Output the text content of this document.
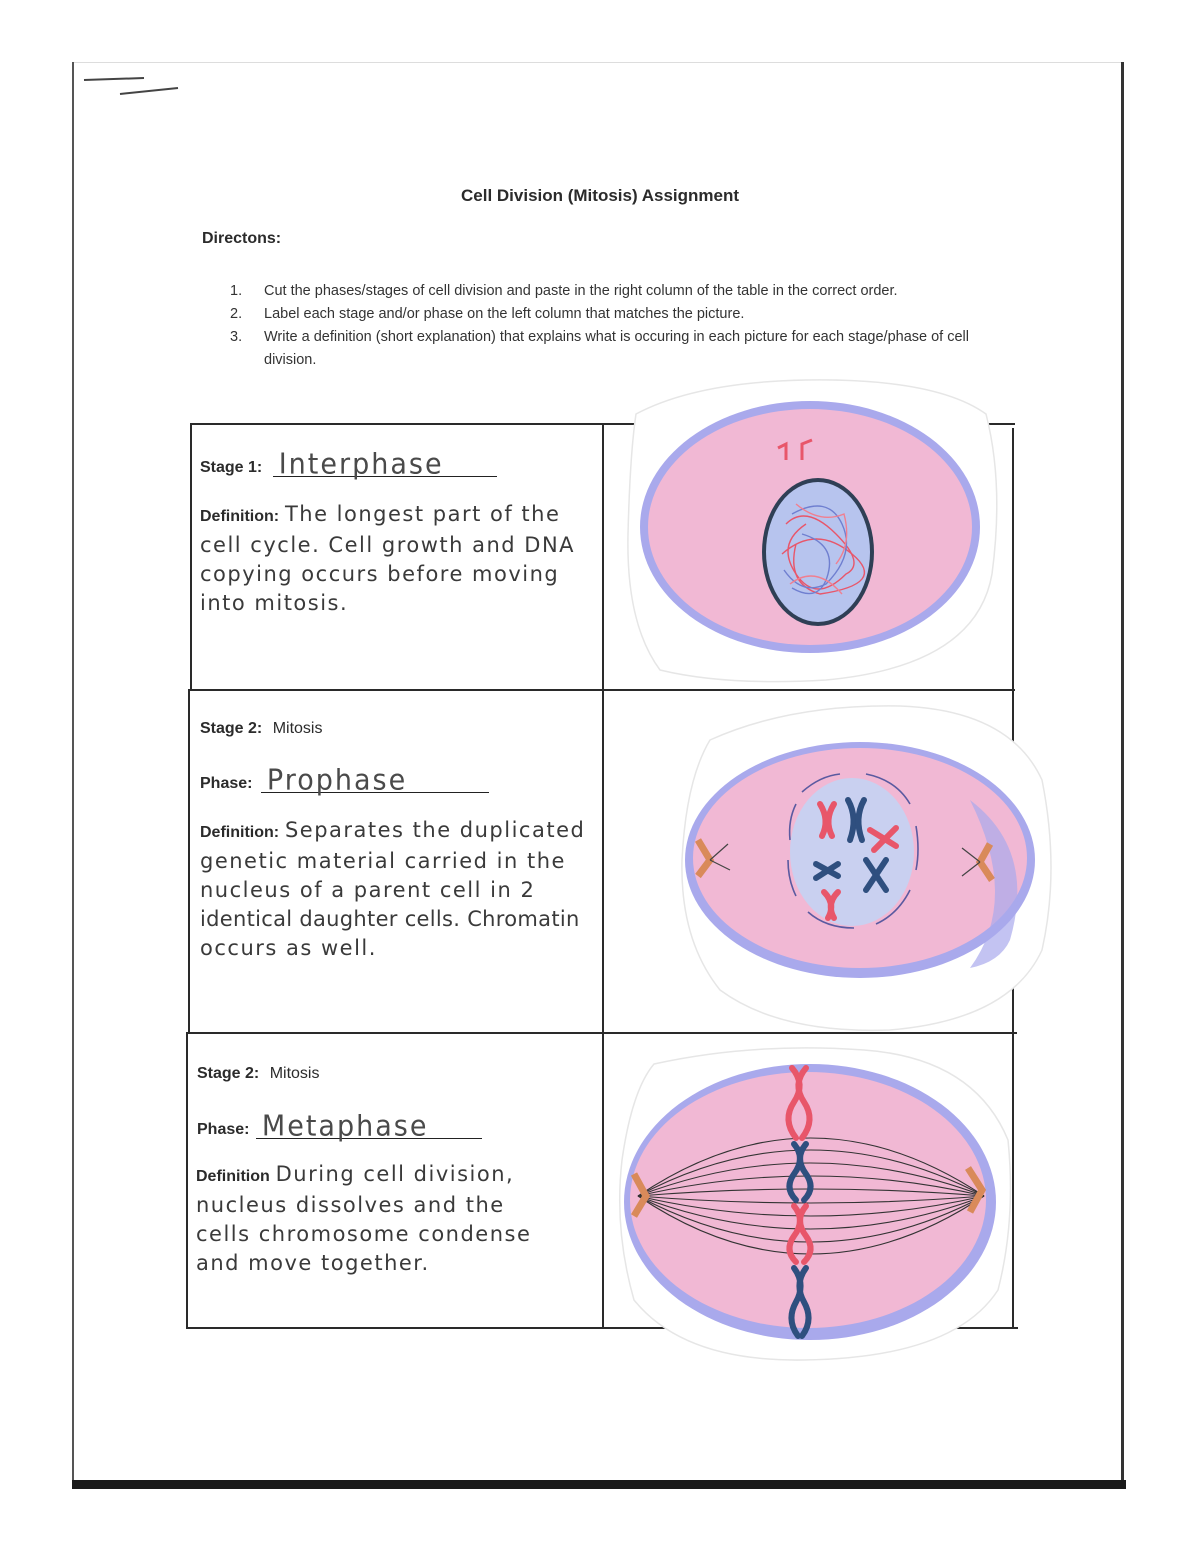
Cell Division (Mitosis) Assignment
Directons:
1.	Cut the phases/stages of cell division and paste in the right column of the table in the correct order.
2.	Label each stage and/or phase on the left column that matches the picture.
3.	Write a definition (short explanation) that explains what is occuring in each picture for each stage/phase of cell division.
Stage 1: Interphase
Definition: The longest part of the
cell cycle. Cell growth and DNA
copying occurs before moving
into mitosis.
Stage 2: Mitosis
Phase: Prophase
Definition: Separates the duplicated
genetic material carried in the
nucleus of a parent cell in 2
identical daughter cells. Chromatin
occurs as well.
Stage 2: Mitosis
Phase: Metaphase
Definition During cell division,
nucleus dissolves and the
cells chromosome condense
and move together.
